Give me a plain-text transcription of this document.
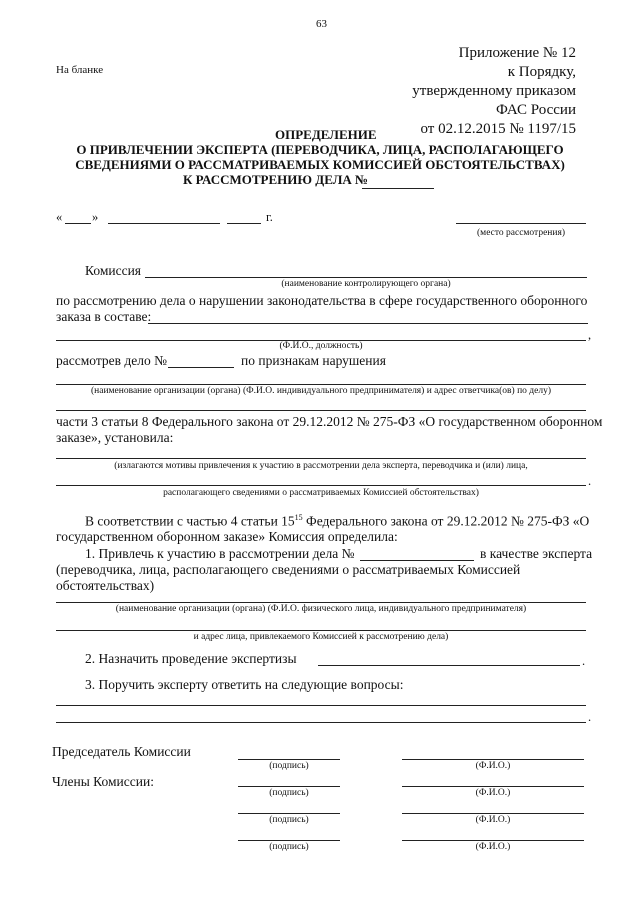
63
На бланке
Приложение № 12
к Порядку,
утвержденному приказом
ФАС России
от 02.12.2015 № 1197/15
ОПРЕДЕЛЕНИЕ
О ПРИВЛЕЧЕНИИ ЭКСПЕРТА (ПЕРЕВОДЧИКА, ЛИЦА, РАСПОЛАГАЮЩЕГО
СВЕДЕНИЯМИ О РАССМАТРИВАЕМЫХ КОМИССИЕЙ ОБСТОЯТЕЛЬСТВАХ)
К РАССМОТРЕНИЮ ДЕЛА №
« »	г.
(место рассмотрения)
Комиссия
(наименование контролирующего органа)
по рассмотрению дела о нарушении законодательства в сфере государственного оборонного
заказа в составе:
,
(Ф.И.О., должность)
рассмотрев дело №	по признакам нарушения
(наименование организации (органа) (Ф.И.О. индивидуального предпринимателя) и адрес ответчика(ов) по делу)
части 3 статьи 8 Федерального закона от 29.12.2012 № 275-ФЗ «О государственном оборонном
заказе», установила:
(излагаются мотивы привлечения к участию в рассмотрении дела эксперта, переводчика и (или) лица,
.
располагающего сведениями о рассматриваемых Комиссией обстоятельствах)
В соответствии с частью 4 статьи $15^{15}$ Федерального закона от 29.12.2012 № 275-ФЗ «О
государственном оборонном заказе» Комиссия определила:
1. Привлечь к участию в рассмотрении дела №	в качестве эксперта
(переводчика, лица, располагающего сведениями о рассматриваемых Комиссией
обстоятельствах)
(наименование организации (органа) (Ф.И.О. физического лица, индивидуального предпринимателя)
и адрес лица, привлекаемого Комиссией к рассмотрению дела)
2. Назначить проведение экспертизы	.
3. Поручить эксперту ответить на следующие вопросы:
.
Председатель Комиссии
Члены Комиссии:
(подпись)	(Ф.И.О.)
(подпись)	(Ф.И.О.)
(подпись)	(Ф.И.О.)
(подпись)	(Ф.И.О.)
